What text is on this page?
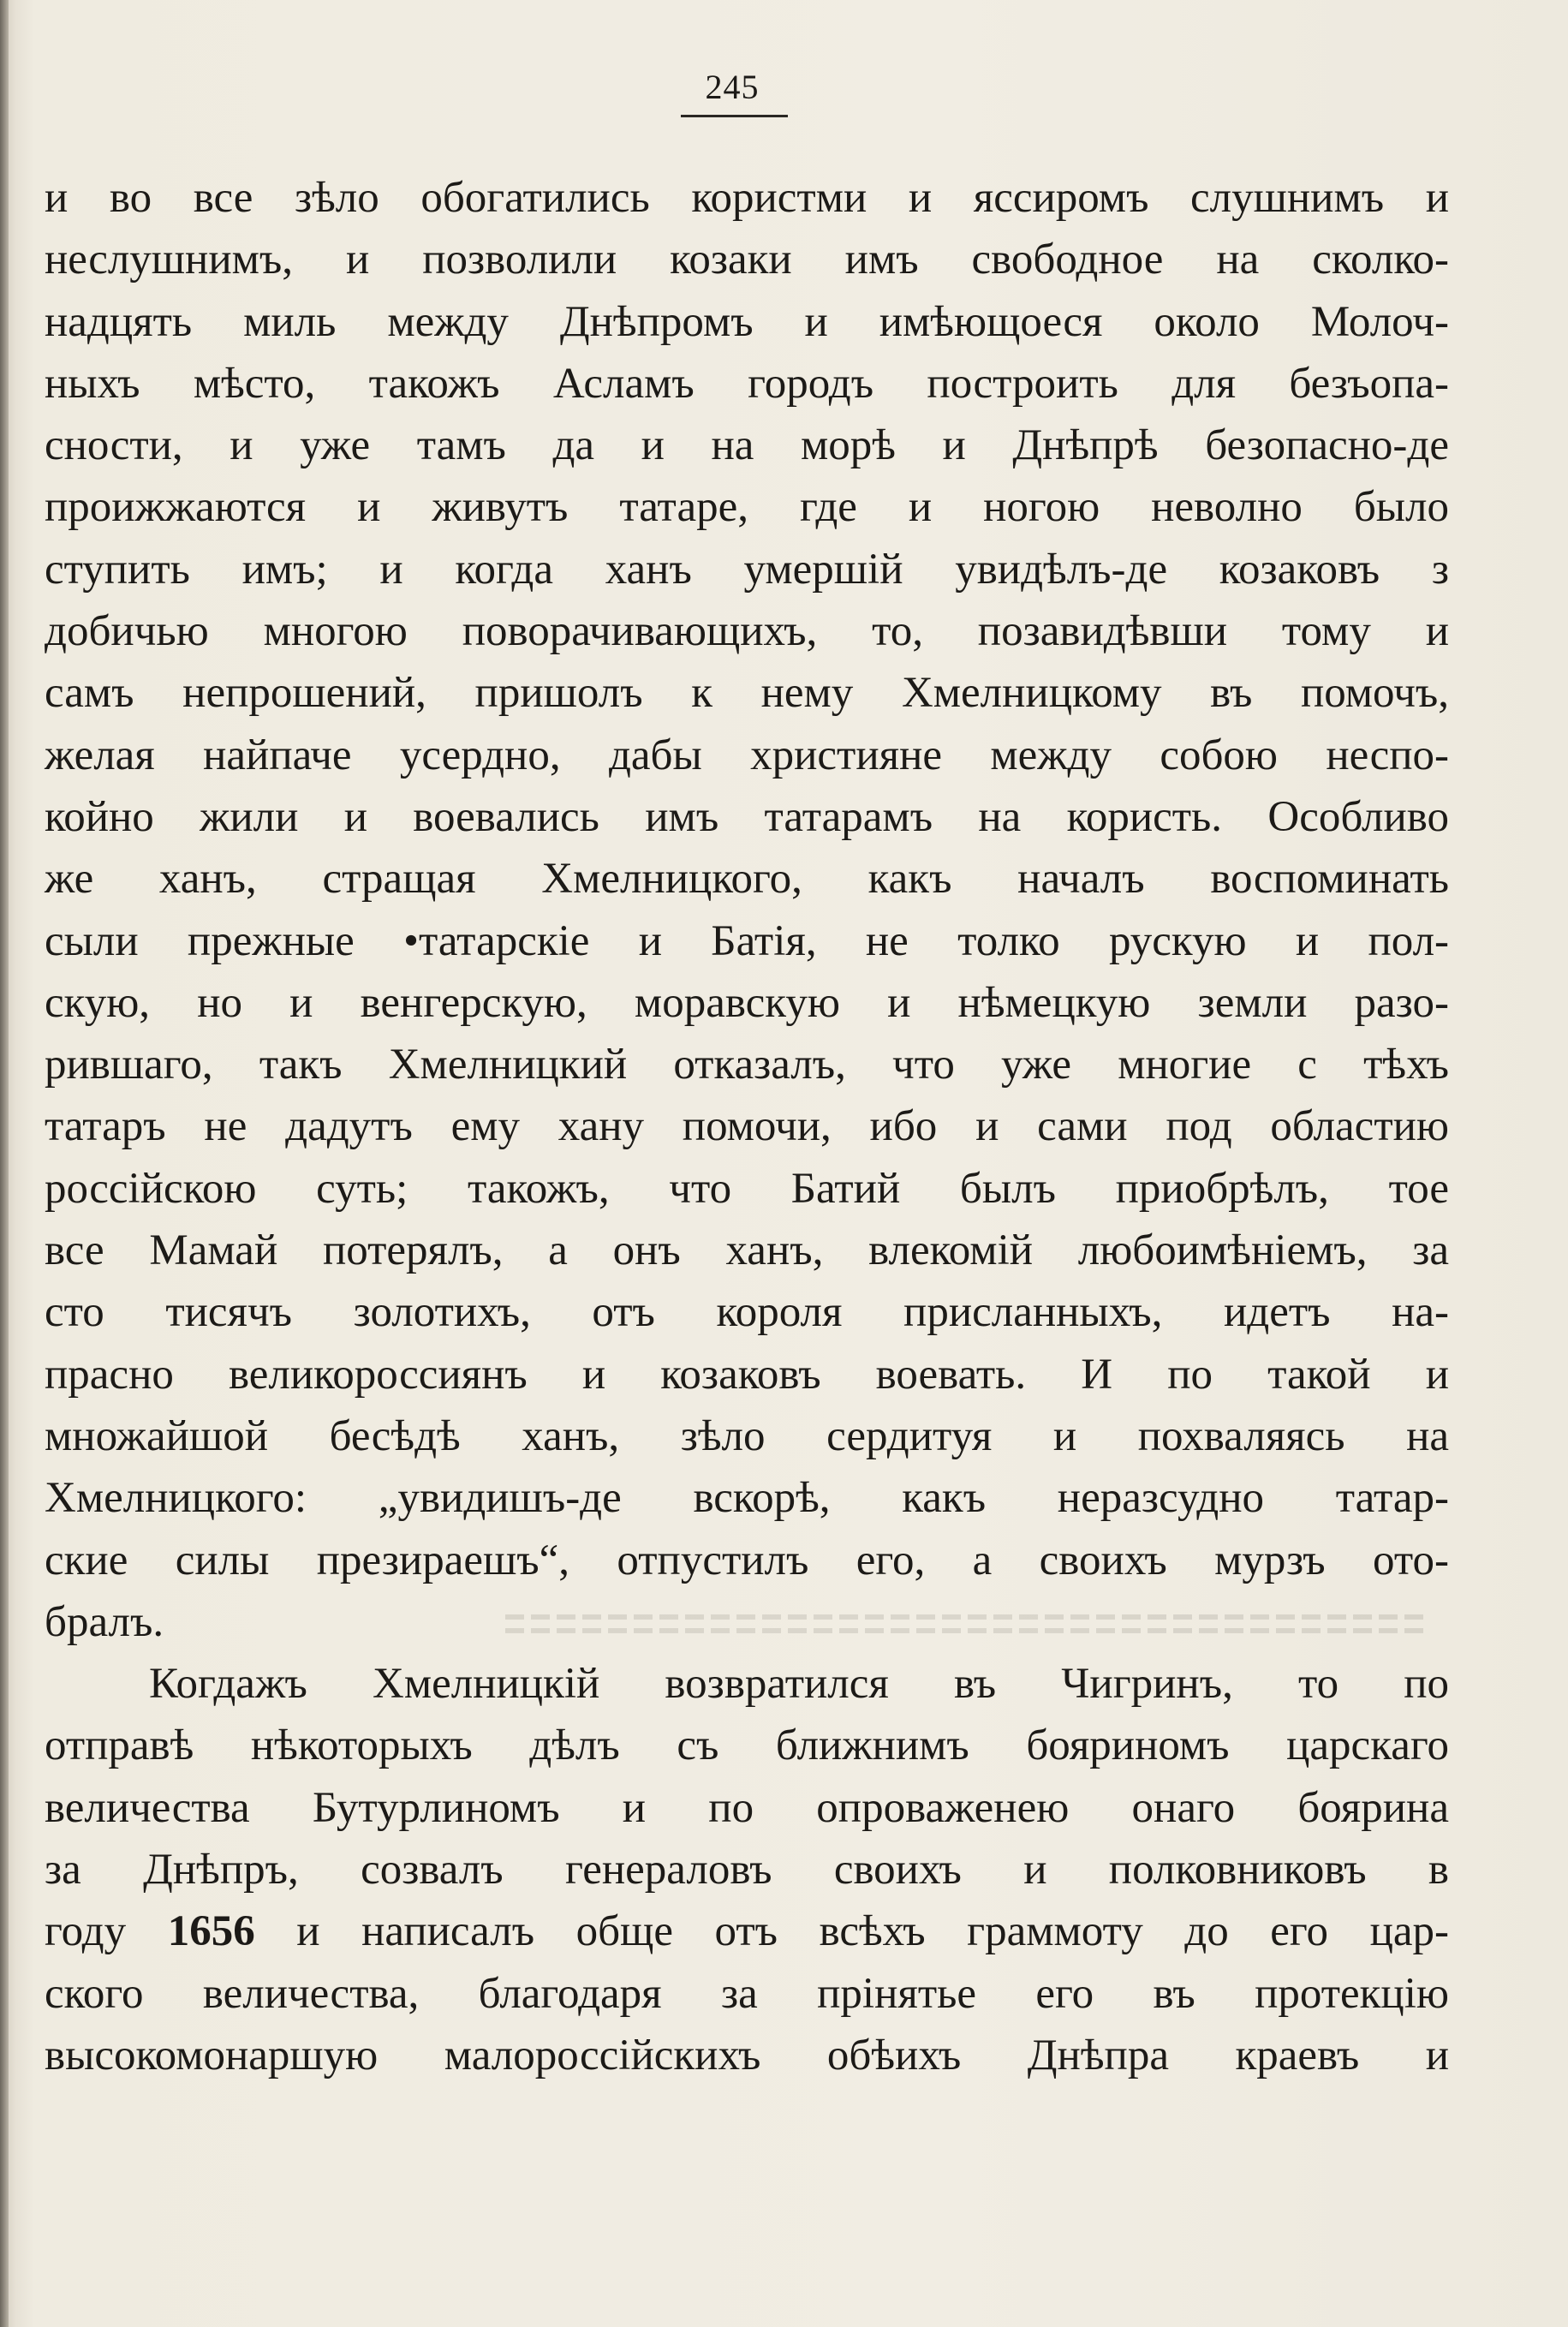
245
и во все зѣло обогатились користми и яссиромъ слушнимъ и
неслушнимъ, и позволили козаки имъ свободное на сколко-
надцять миль между Днѣпромъ и имѣющоеся около Молоч-
ныхъ мѣсто, такожъ Асламъ городъ построить для безъопа-
сности, и уже тамъ да и на морѣ и Днѣпрѣ безопасно-де
проижжаются и живутъ татаре, где и ногою неволно было
ступить имъ; и когда ханъ умершій увидѣлъ-де козаковъ з
добичью многою поворачивающихъ, то, позавидѣвши тому и
самъ непрошений, пришолъ к нему Хмелницкому въ помочъ,
желая найпаче усердно, дабы християне между собою неспо-
койно жили и воевались имъ татарамъ на користь. Особливо
же ханъ, стращая Хмелницкого, какъ началъ воспоминать
сыли прежные •татарскіе и Батія, не толко рускую и пол-
скую, но и венгерскую, моравскую и нѣмецкую земли разо-
рившаго, такъ Хмелницкий отказалъ, что уже многие с тѣхъ
татаръ не дадутъ ему хану помочи, ибо и сами под областию
россійскою суть; такожъ, что Батий былъ приобрѣлъ, тое
все Мамай потерялъ, а онъ ханъ, влекомій любоимѣніемъ, за
сто тисячъ золотихъ, отъ короля присланныхъ, идетъ на-
прасно великороссиянъ и козаковъ воевать. И по такой и
множайшой бесѣдѣ ханъ, зѣло сердитуя и похваляясь на
Хмелницкого: „увидишъ-де вскорѣ, какъ неразсудно татар-
ские силы презираешъ“, отпустилъ его, а своихъ мурзъ ото-
бралъ.
Когдажъ Хмелницкій возвратился въ Чигринъ, то по
отправѣ нѣкоторыхъ дѣлъ съ ближнимъ бояриномъ царскаго
величества Бутурлиномъ и по опроваженею онаго боярина
за Днѣпръ, созвалъ генераловъ своихъ и полковниковъ в
году 1656 и написалъ обще отъ всѣхъ граммоту до его цар-
ского величества, благодаря за прінятье его въ протекцію
высокомонаршую малороссійскихъ обѣихъ Днѣпра краевъ и
